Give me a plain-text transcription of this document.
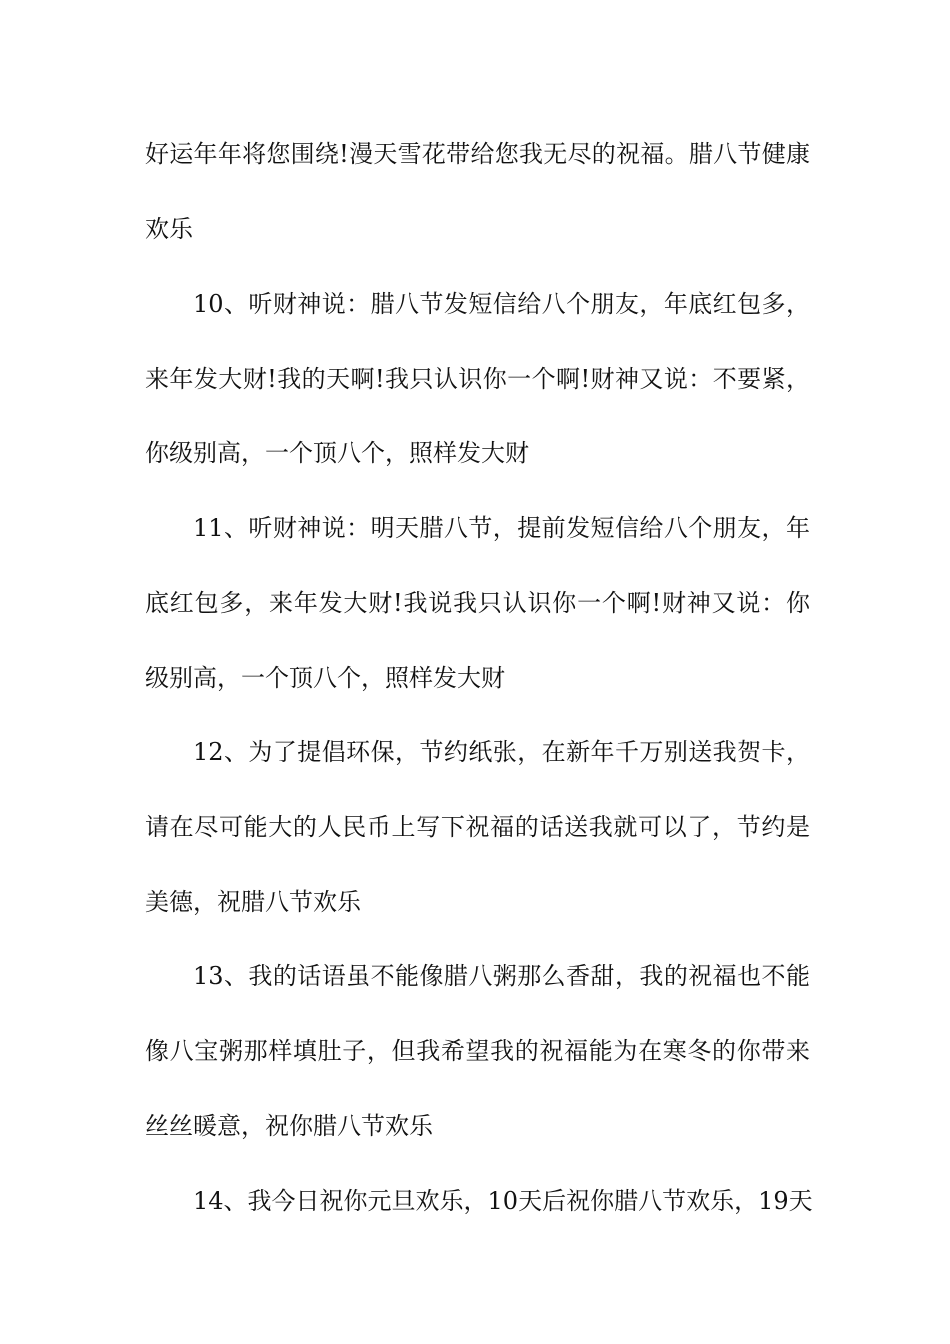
好运年年将您围绕!漫天雪花带给您我无尽的祝福。腊八节健康
欢乐
10、听财神说：腊八节发短信给八个朋友，年底红包多，
来年发大财!我的天啊!我只认识你一个啊!财神又说：不要紧，
你级别高，一个顶八个，照样发大财
11、听财神说：明天腊八节，提前发短信给八个朋友，年
底红包多，来年发大财!我说我只认识你一个啊!财神又说：你
级别高，一个顶八个，照样发大财
12、为了提倡环保，节约纸张，在新年千万别送我贺卡，
请在尽可能大的人民币上写下祝福的话送我就可以了，节约是
美德，祝腊八节欢乐
13、我的话语虽不能像腊八粥那么香甜，我的祝福也不能
像八宝粥那样填肚子，但我希望我的祝福能为在寒冬的你带来
丝丝暖意，祝你腊八节欢乐
14、我今日祝你元旦欢乐，10天后祝你腊八节欢乐，19天
